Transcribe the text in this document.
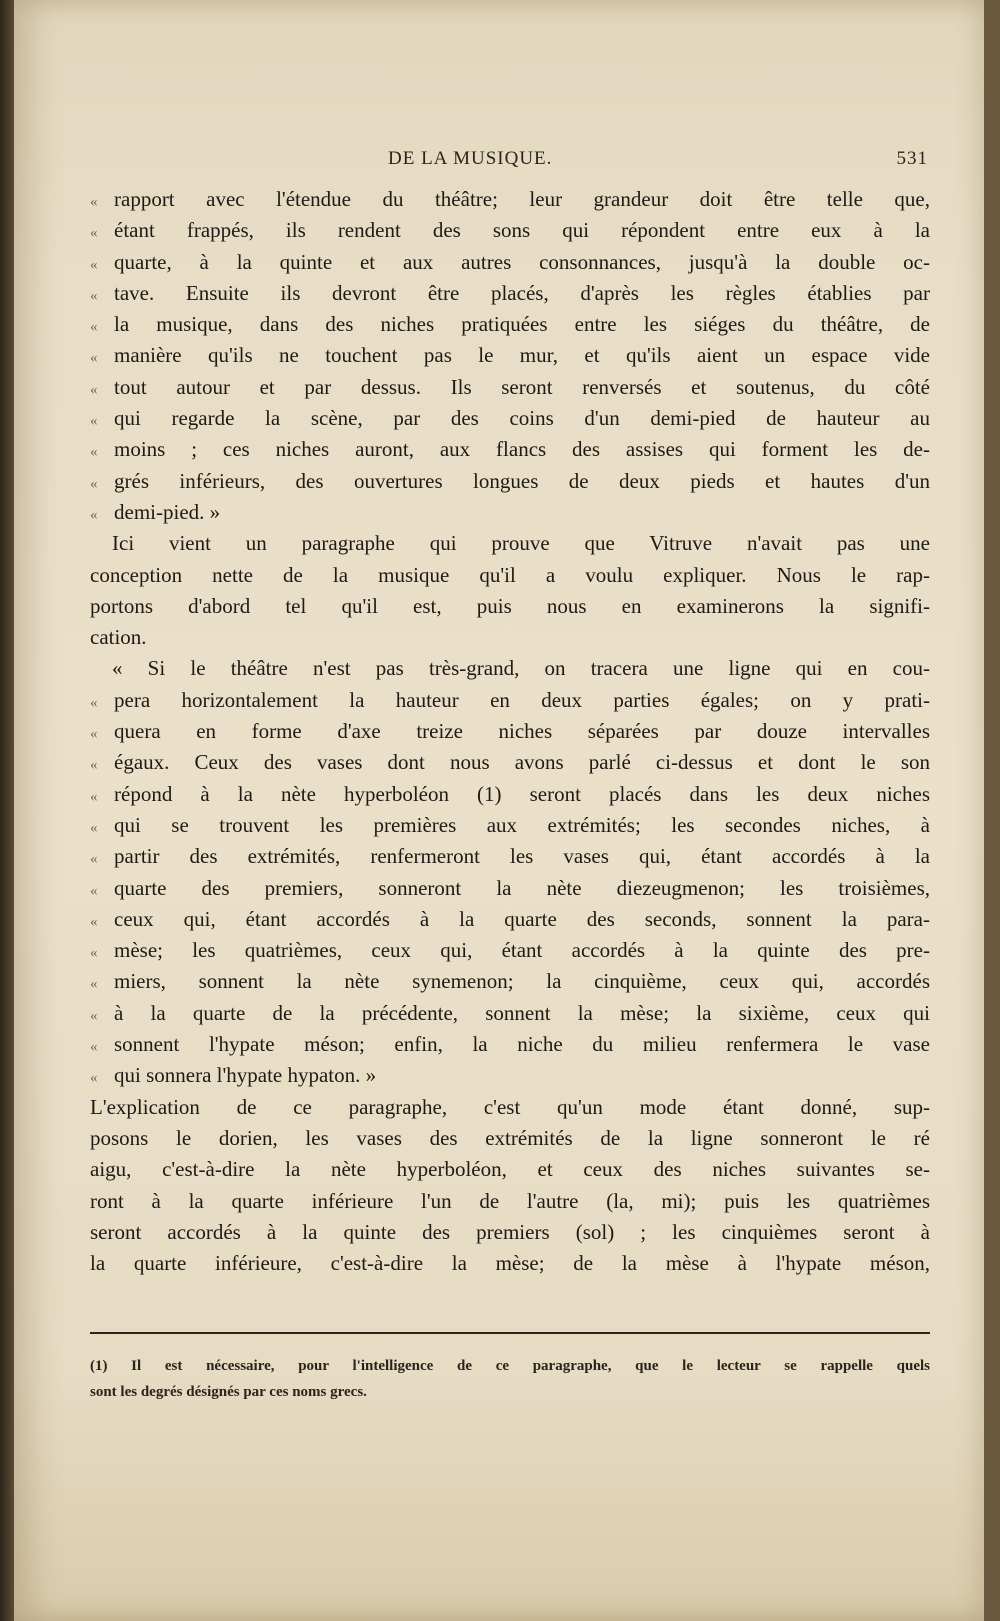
DE LA MUSIQUE.	531
« rapport avec l'étendue du théâtre; leur grandeur doit être telle que,
« étant frappés, ils rendent des sons qui répondent entre eux à la
« quarte, à la quinte et aux autres consonnances, jusqu'à la double oc-
« tave. Ensuite ils devront être placés, d'après les règles établies par
« la musique, dans des niches pratiquées entre les siéges du théâtre, de
« manière qu'ils ne touchent pas le mur, et qu'ils aient un espace vide
« tout autour et par dessus. Ils seront renversés et soutenus, du côté
« qui regarde la scène, par des coins d'un demi-pied de hauteur au
« moins ; ces niches auront, aux flancs des assises qui forment les de-
« grés inférieurs, des ouvertures longues de deux pieds et hautes d'un
« demi-pied. »
Ici vient un paragraphe qui prouve que Vitruve n'avait pas une
conception nette de la musique qu'il a voulu expliquer. Nous le rap-
portons d'abord tel qu'il est, puis nous en examinerons la signifi-
cation.
« Si le théâtre n'est pas très-grand, on tracera une ligne qui en cou-
« pera horizontalement la hauteur en deux parties égales; on y prati-
« quera en forme d'axe treize niches séparées par douze intervalles
« égaux. Ceux des vases dont nous avons parlé ci-dessus et dont le son
« répond à la nète hyperboléon (1) seront placés dans les deux niches
« qui se trouvent les premières aux extrémités; les secondes niches, à
« partir des extrémités, renfermeront les vases qui, étant accordés à la
« quarte des premiers, sonneront la nète diezeugmenon; les troisièmes,
« ceux qui, étant accordés à la quarte des seconds, sonnent la para-
« mèse; les quatrièmes, ceux qui, étant accordés à la quinte des pre-
« miers, sonnent la nète synemenon; la cinquième, ceux qui, accordés
« à la quarte de la précédente, sonnent la mèse; la sixième, ceux qui
« sonnent l'hypate méson; enfin, la niche du milieu renfermera le vase
« qui sonnera l'hypate hypaton. »
L'explication de ce paragraphe, c'est qu'un mode étant donné, sup-
posons le dorien, les vases des extrémités de la ligne sonneront le ré
aigu, c'est-à-dire la nète hyperboléon, et ceux des niches suivantes se-
ront à la quarte inférieure l'un de l'autre (la, mi); puis les quatrièmes
seront accordés à la quinte des premiers (sol) ; les cinquièmes seront à
la quarte inférieure, c'est-à-dire la mèse; de la mèse à l'hypate méson,
(1) Il est nécessaire, pour l'intelligence de ce paragraphe, que le lecteur se rappelle quels
sont les degrés désignés par ces noms grecs.
